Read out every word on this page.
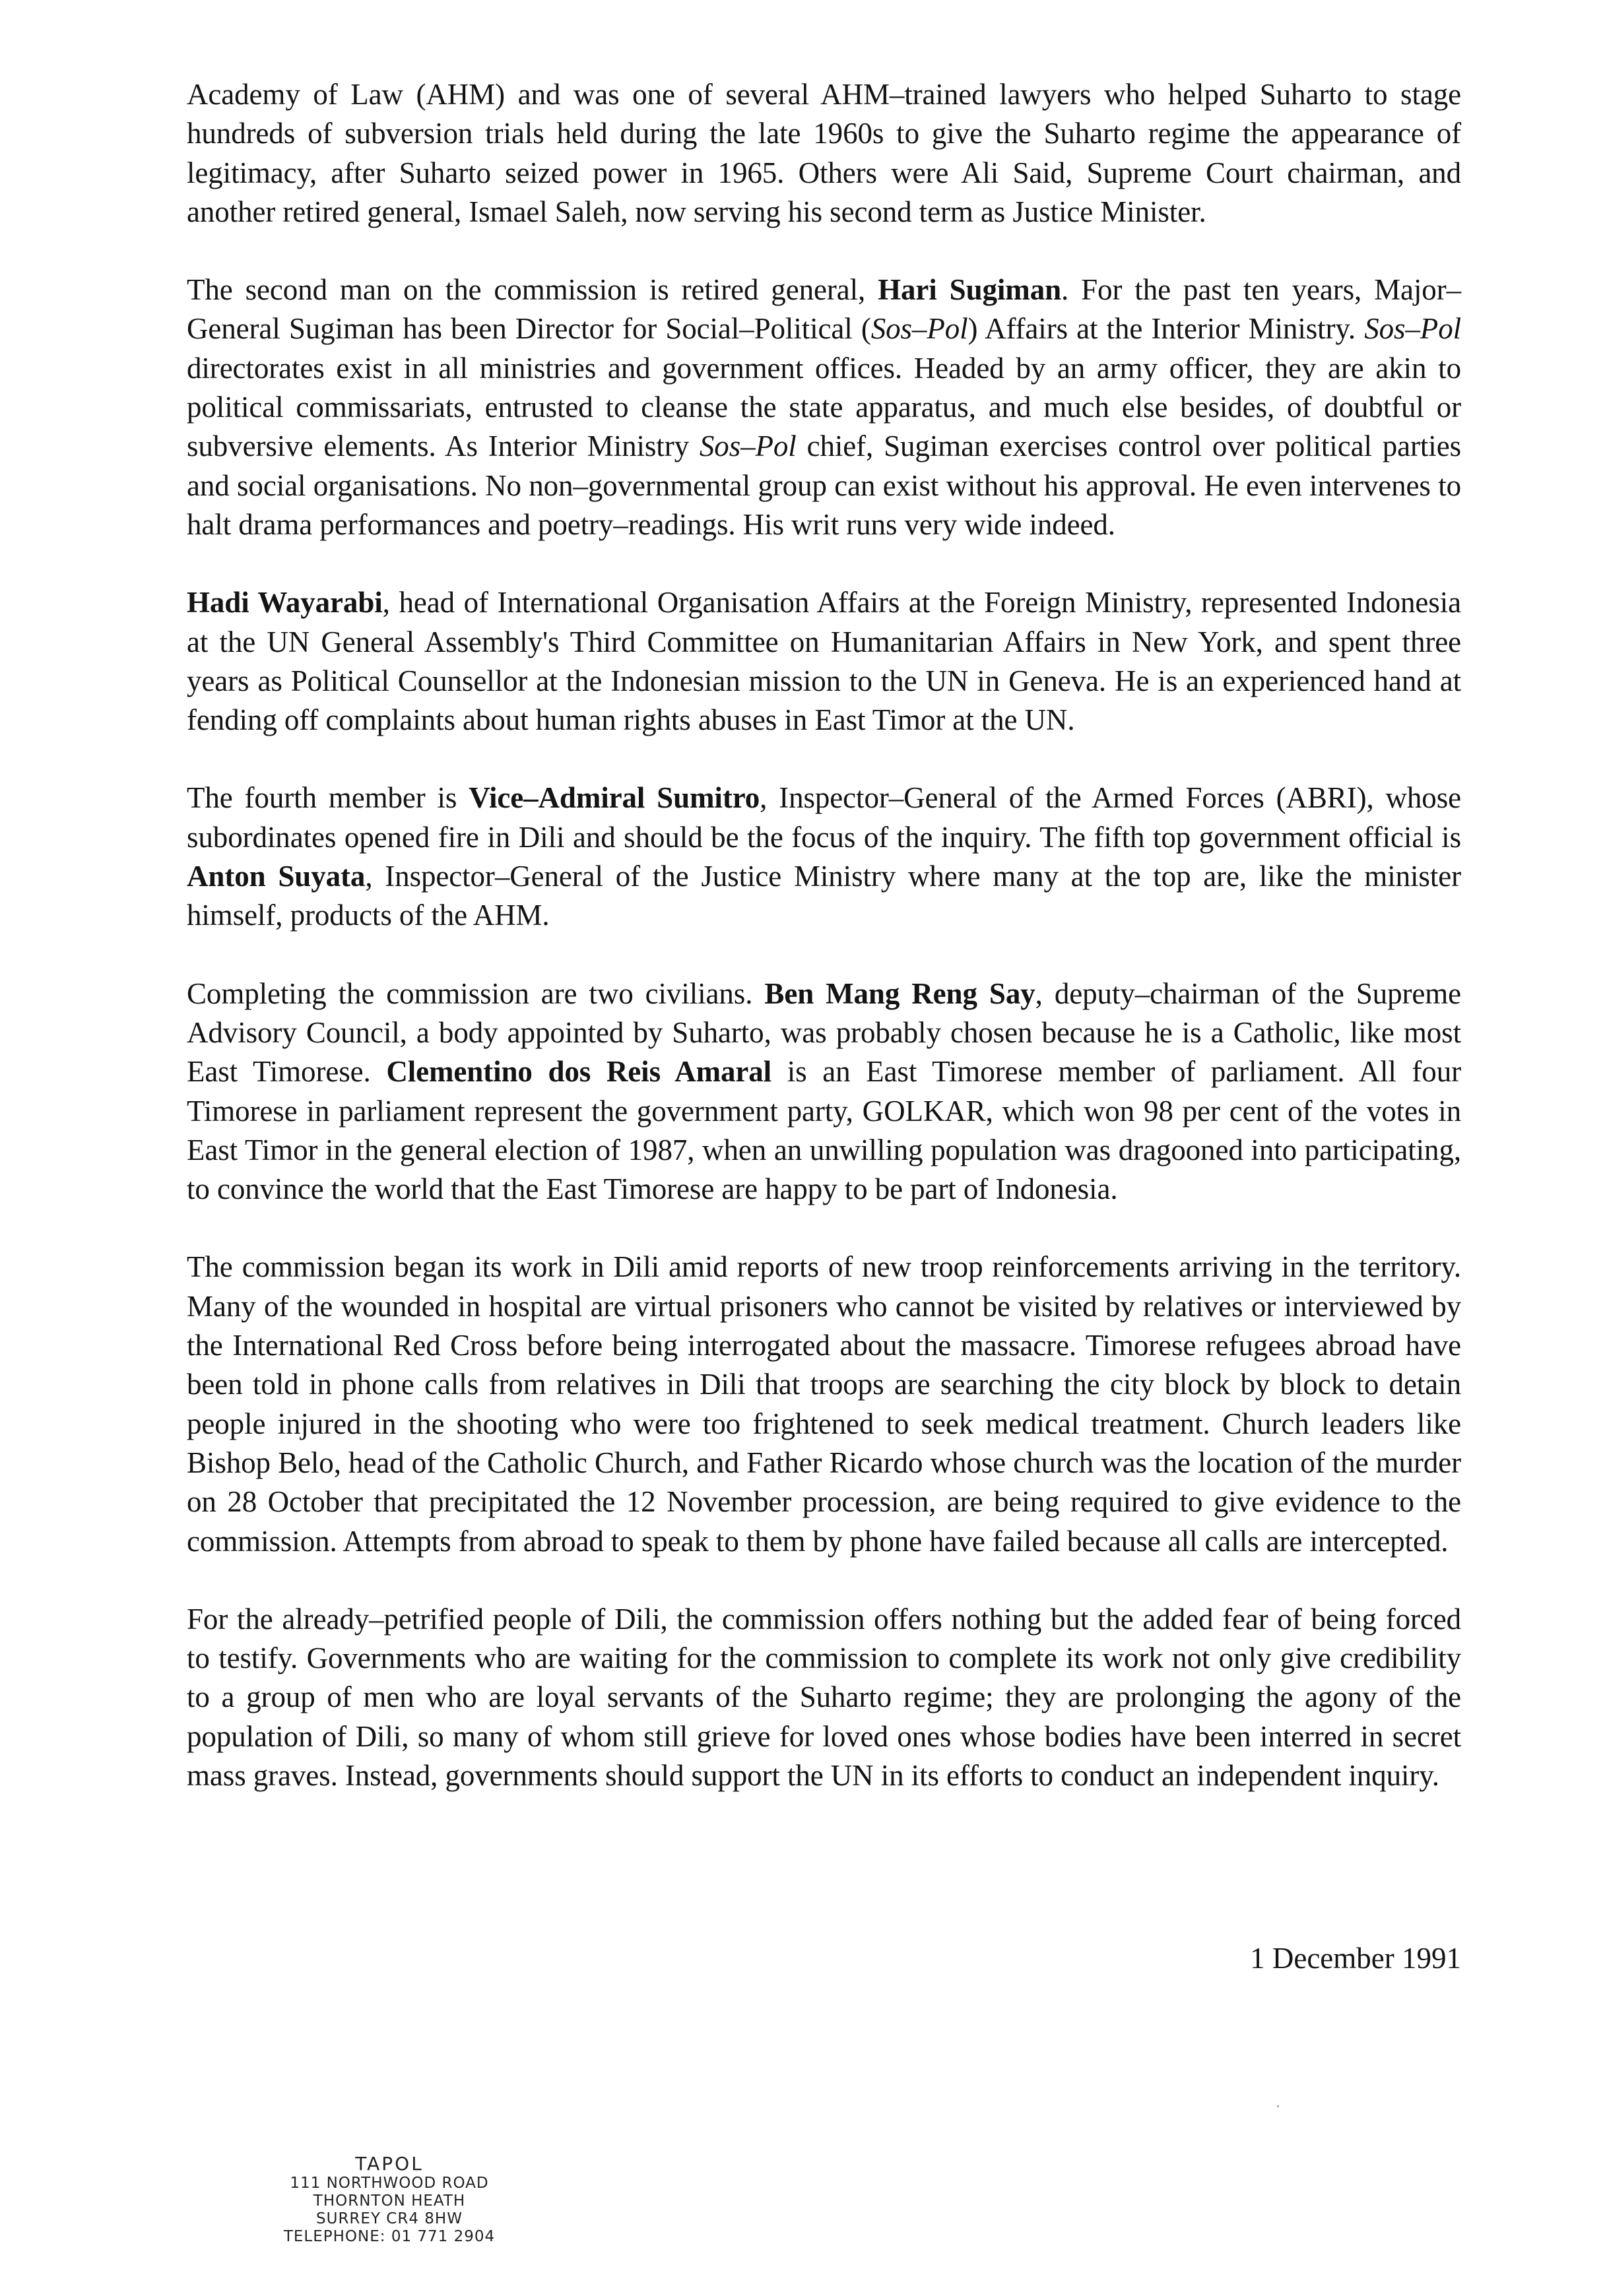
Academy of Law (AHM) and was one of several AHM–trained lawyers who helped Suharto to stage hundreds of subversion trials held during the late 1960s to give the Suharto regime the appearance of legitimacy, after Suharto seized power in 1965. Others were Ali Said, Supreme Court chairman, and another retired general, Ismael Saleh, now serving his second term as Justice Minister.

The second man on the commission is retired general, Hari Sugiman. For the past ten years, Major–General Sugiman has been Director for Social–Political (Sos–Pol) Affairs at the Interior Ministry. Sos–Pol directorates exist in all ministries and government offices. Headed by an army officer, they are akin to political commissariats, entrusted to cleanse the state apparatus, and much else besides, of doubtful or subversive elements. As Interior Ministry Sos–Pol chief, Sugiman exercises control over political parties and social organisations. No non–governmental group can exist without his approval. He even intervenes to halt drama performances and poetry–readings. His writ runs very wide indeed.

Hadi Wayarabi, head of International Organisation Affairs at the Foreign Ministry, represented Indonesia at the UN General Assembly's Third Committee on Humanitarian Affairs in New York, and spent three years as Political Counsellor at the Indonesian mission to the UN in Geneva. He is an experienced hand at fending off complaints about human rights abuses in East Timor at the UN.

The fourth member is Vice–Admiral Sumitro, Inspector–General of the Armed Forces (ABRI), whose subordinates opened fire in Dili and should be the focus of the inquiry. The fifth top government official is Anton Suyata, Inspector–General of the Justice Ministry where many at the top are, like the minister himself, products of the AHM.

Completing the commission are two civilians. Ben Mang Reng Say, deputy–chairman of the Supreme Advisory Council, a body appointed by Suharto, was probably chosen because he is a Catholic, like most East Timorese. Clementino dos Reis Amaral is an East Timorese member of parliament. All four Timorese in parliament represent the government party, GOLKAR, which won 98 per cent of the votes in East Timor in the general election of 1987, when an unwilling population was dragooned into participating, to convince the world that the East Timorese are happy to be part of Indonesia.

The commission began its work in Dili amid reports of new troop reinforcements arriving in the territory. Many of the wounded in hospital are virtual prisoners who cannot be visited by relatives or interviewed by the International Red Cross before being interrogated about the massacre. Timorese refugees abroad have been told in phone calls from relatives in Dili that troops are searching the city block by block to detain people injured in the shooting who were too frightened to seek medical treatment. Church leaders like Bishop Belo, head of the Catholic Church, and Father Ricardo whose church was the location of the murder on 28 October that precipitated the 12 November procession, are being required to give evidence to the commission. Attempts from abroad to speak to them by phone have failed because all calls are intercepted.

For the already–petrified people of Dili, the commission offers nothing but the added fear of being forced to testify. Governments who are waiting for the commission to complete its work not only give credibility to a group of men who are loyal servants of the Suharto regime; they are prolonging the agony of the population of Dili, so many of whom still grieve for loved ones whose bodies have been interred in secret mass graves. Instead, governments should support the UN in its efforts to conduct an independent inquiry.

1 December 1991
TAPOL
111 NORTHWOOD ROAD
THORNTON HEATH
SURREY CR4 8HW
TELEPHONE: 01 771 2904
